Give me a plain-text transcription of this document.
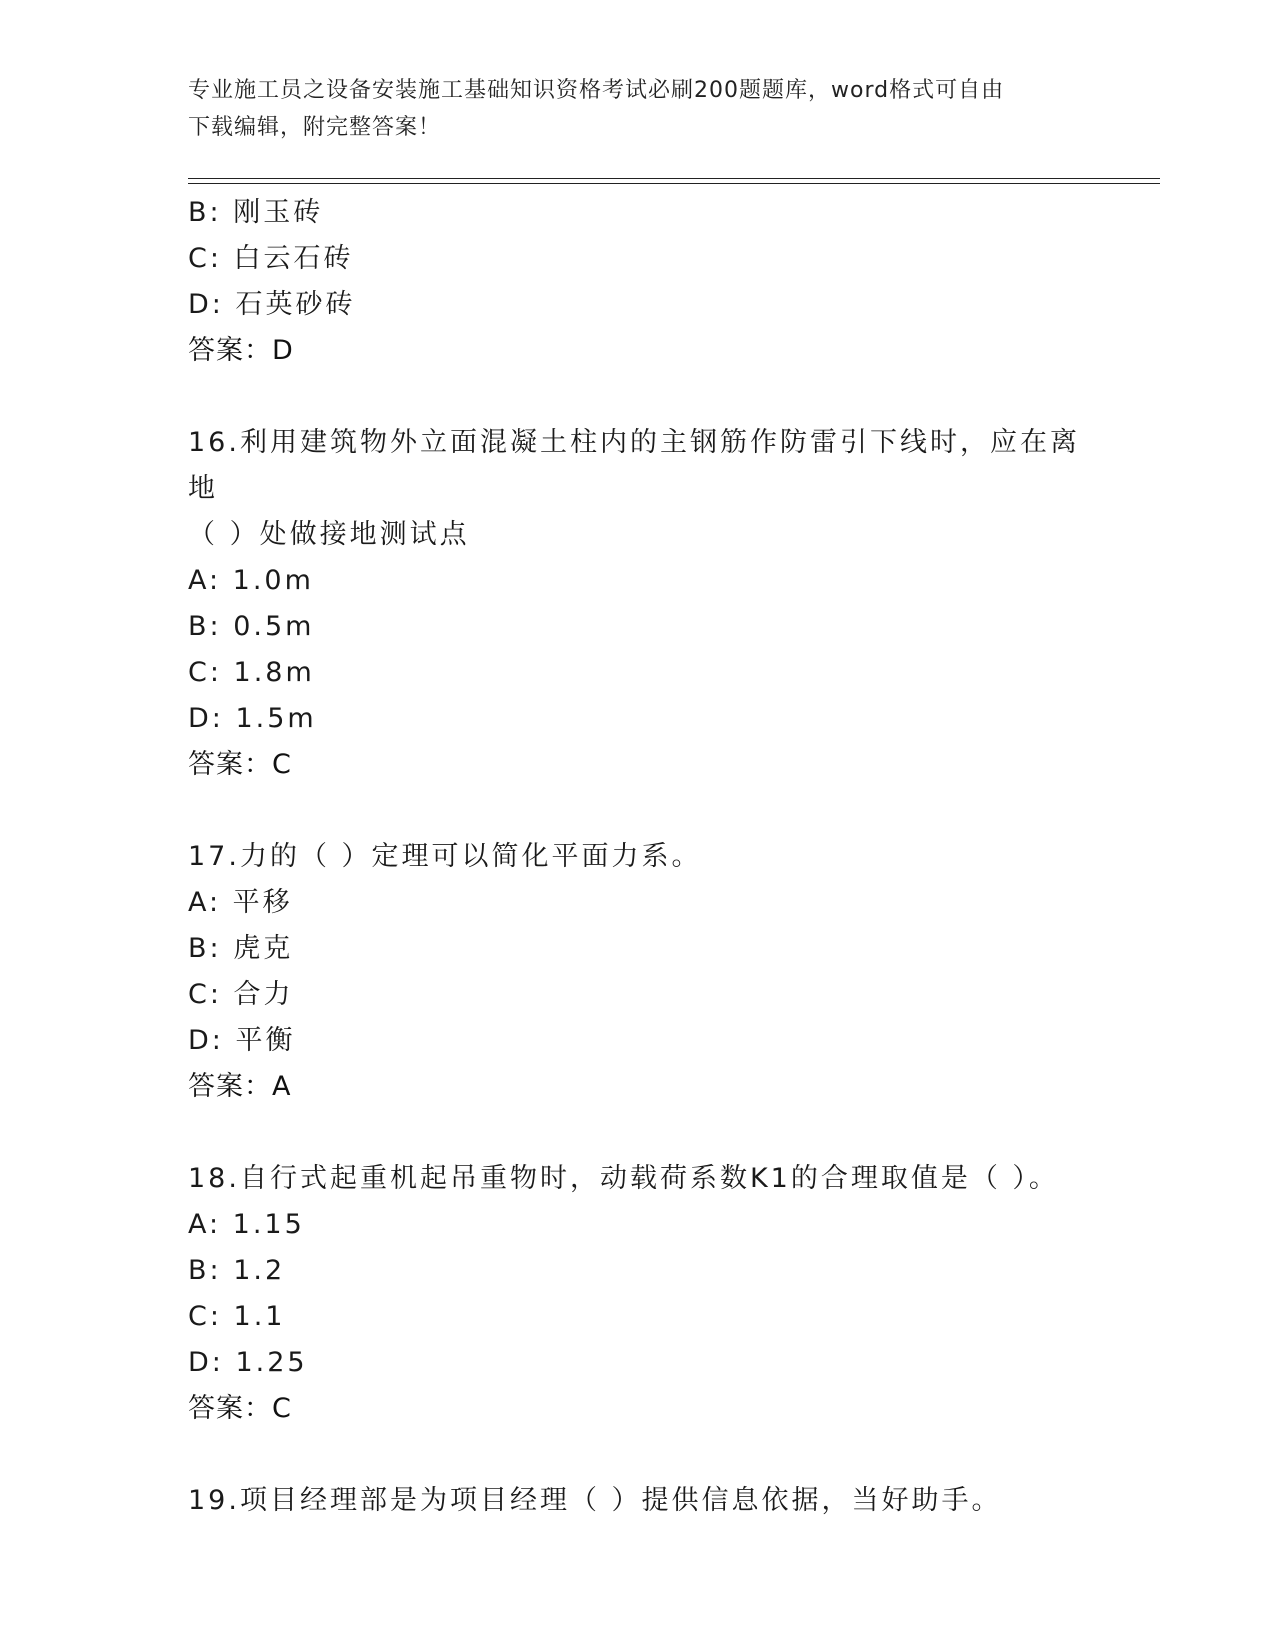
专业施工员之设备安装施工基础知识资格考试必刷200题题库，word格式可自由
下载编辑，附完整答案！
B: 刚玉砖
C: 白云石砖
D: 石英砂砖
答案：D
16.利用建筑物外立面混凝土柱内的主钢筋作防雷引下线时，应在离地
（ ）处做接地测试点
A: 1.0m
B: 0.5m
C: 1.8m
D: 1.5m
答案：C
17.力的（ ）定理可以简化平面力系。
A: 平移
B: 虎克
C: 合力
D: 平衡
答案：A
18.自行式起重机起吊重物时，动载荷系数K1的合理取值是（ ）。
A: 1.15
B: 1.2
C: 1.1
D: 1.25
答案：C
19.项目经理部是为项目经理（ ）提供信息依据，当好助手。
